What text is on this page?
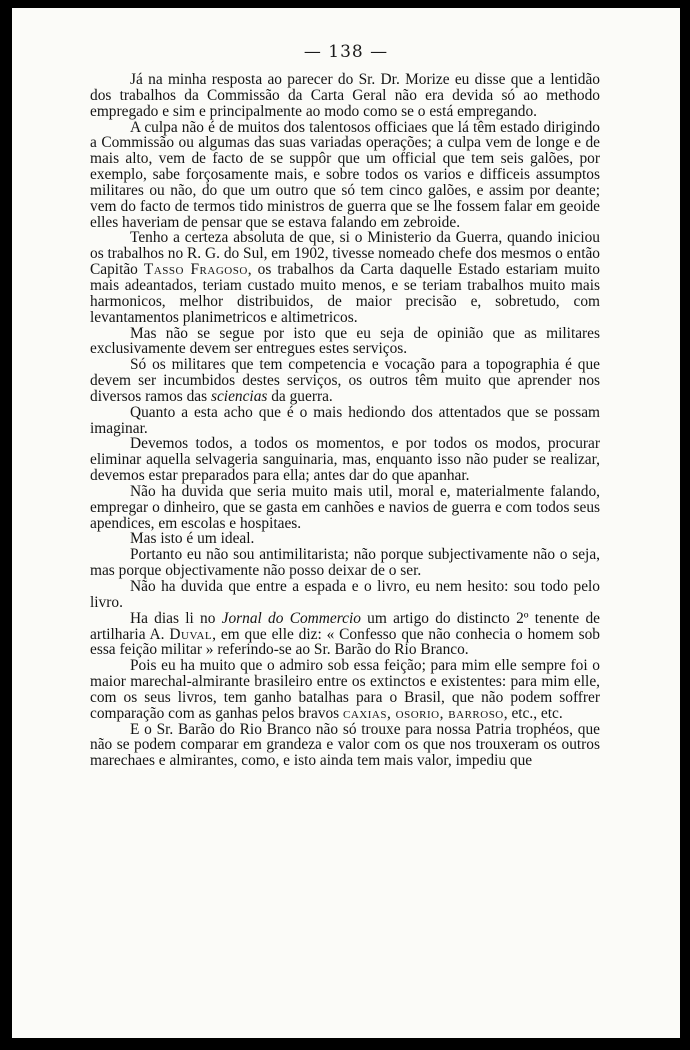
— 138 —

Já na minha resposta ao parecer do Sr. Dr. Morize eu disse que a lentidão dos trabalhos da Commissão da Carta Geral não era devida só ao methodo empregado e sim e principalmente ao modo como se o está empregando.

A culpa não é de muitos dos talentosos officiaes que lá têm estado dirigindo a Commissão ou algumas das suas variadas operações; a culpa vem de longe e de mais alto, vem de facto de se suppôr que um official que tem seis galões, por exemplo, sabe forçosamente mais, e sobre todos os varios e difficeis assumptos militares ou não, do que um outro que só tem cinco galões, e assim por deante; vem do facto de termos tido ministros de guerra que se lhe fossem falar em geoide elles haveriam de pensar que se estava falando em zebroide.

Tenho a certeza absoluta de que, si o Ministerio da Guerra, quando iniciou os trabalhos no R. G. do Sul, em 1902, tivesse nomeado chefe dos mesmos o então Capitão Tasso Fragoso, os trabalhos da Carta daquelle Estado estariam muito mais adeantados, teriam custado muito menos, e se teriam trabalhos muito mais harmonicos, melhor distribuidos, de maior precisão e, sobretudo, com levantamentos planimetricos e altimetricos.

Mas não se segue por isto que eu seja de opinião que as militares exclusivamente devem ser entregues estes serviços.

Só os militares que tem competencia e vocação para a topographia é que devem ser incumbidos destes serviços, os outros têm muito que aprender nos diversos ramos das sciencias da guerra.

Quanto a esta acho que é o mais hediondo dos attentados que se possam imaginar.

Devemos todos, a todos os momentos, e por todos os modos, procurar eliminar aquella selvageria sanguinaria, mas, enquanto isso não puder se realizar, devemos estar preparados para ella; antes dar do que apanhar.

Não ha duvida que seria muito mais util, moral e, materialmente falando, empregar o dinheiro, que se gasta em canhões e navios de guerra e com todos seus apendices, em escolas e hospitaes.

Mas isto é um ideal.

Portanto eu não sou antimilitarista; não porque subjectivamente não o seja, mas porque objectivamente não posso deixar de o ser.

Não ha duvida que entre a espada e o livro, eu nem hesito: sou todo pelo livro.

Ha dias li no Jornal do Commercio um artigo do distincto 2º tenente de artilharia A. Duval, em que elle diz: « Confesso que não conhecia o homem sob essa feição militar » referindo-se ao Sr. Barão do Rio Branco.

Pois eu ha muito que o admiro sob essa feição; para mim elle sempre foi o maior marechal-almirante brasileiro entre os extinctos e existentes: para mim elle, com os seus livros, tem ganho batalhas para o Brasil, que não podem soffrer comparação com as ganhas pelos bravos caxias, osorio, barroso, etc., etc.

E o Sr. Barão do Rio Branco não só trouxe para nossa Patria trophéos, que não se podem comparar em grandeza e valor com os que nos trouxeram os outros marechaes e almirantes, como, e isto ainda tem mais valor, impediu que
